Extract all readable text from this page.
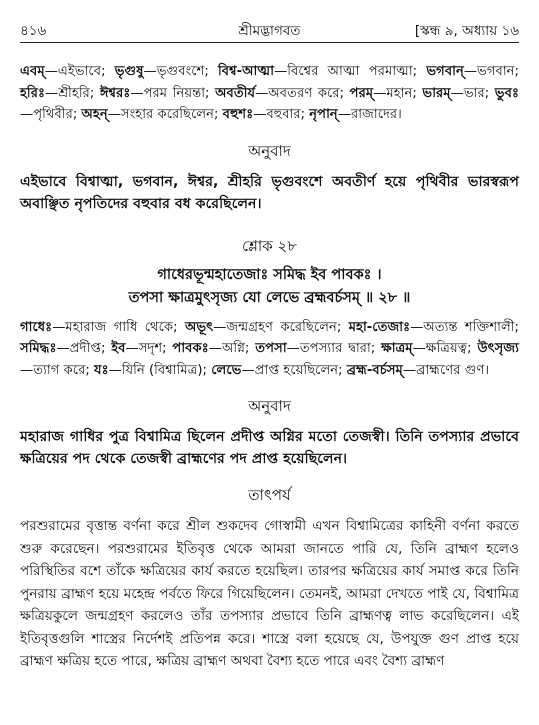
৪১৬	শ্রীমদ্ভাগবত	[স্কন্ধ ৯, অধ্যায় ১৬
এবম্—এইভাবে; ভৃগুষু—ভৃগুবংশে; বিশ্ব-আত্মা—বিশ্বের আত্মা পরমাত্মা; ভগবান্—ভগবান; হরিঃ—শ্রীহরি; ঈশ্বরঃ—পরম নিয়ন্তা; অবতীর্য—অবতরণ করে; পরম্—মহান; ভারম্—ভার; ভুবঃ—পৃথিবীর; অহন্—সংহার করেছিলেন; বহুশঃ—বহুবার; নৃপান্—রাজাদের।
অনুবাদ
এইভাবে বিশ্বাত্মা, ভগবান, ঈশ্বর, শ্রীহরি ভৃগুবংশে অবতীর্ণ হয়ে পৃথিবীর ভারস্বরূপ অবাঞ্ছিত নৃপতিদের বহুবার বধ করেছিলেন।
শ্লোক ২৮
গাধেরভূন্মহাতেজাঃ সমিদ্ধ ইব পাবকঃ ।
তপসা ক্ষাত্রমুৎসৃজ্য যো লেভে ব্রহ্মবর্চসম্ ॥ ২৮ ॥
গাধেঃ—মহারাজ গাধি থেকে; অভূৎ—জন্মগ্রহণ করেছিলেন; মহা-তেজাঃ—অত্যন্ত শক্তিশালী; সমিদ্ধঃ—প্রদীপ্ত; ইব—সদৃশ; পাবকঃ—অগ্নি; তপসা—তপস্যার দ্বারা; ক্ষাত্রম্—ক্ষত্রিয়ত্ব; উৎসৃজ্য—ত্যাগ করে; যঃ—যিনি (বিশ্বামিত্র); লেভে—প্রাপ্ত হয়েছিলেন; ব্রহ্ম-বর্চসম্—ব্রাহ্মণের গুণ।
অনুবাদ
মহারাজ গাধির পুত্র বিশ্বামিত্র ছিলেন প্রদীপ্ত অগ্নির মতো তেজস্বী। তিনি তপস্যার প্রভাবে ক্ষত্রিয়ের পদ থেকে তেজস্বী ব্রাহ্মণের পদ প্রাপ্ত হয়েছিলেন।
তাৎপর্য
পরশুরামের বৃত্তান্ত বর্ণনা করে শ্রীল শুকদেব গোস্বামী এখন বিশ্বামিত্রের কাহিনী বর্ণনা করতে শুরু করেছেন। পরশুরামের ইতিবৃত্ত থেকে আমরা জানতে পারি যে, তিনি ব্রাহ্মণ হলেও পরিস্থিতির বশে তাঁকে ক্ষত্রিয়ের কার্য করতে হয়েছিল। তারপর ক্ষত্রিয়ের কার্য সমাপ্ত করে তিনি পুনরায় ব্রাহ্মণ হয়ে মহেন্দ্র পর্বতে ফিরে গিয়েছিলেন। তেমনই, আমরা দেখতে পাই যে, বিশ্বামিত্র ক্ষত্রিয়কুলে জন্মগ্রহণ করলেও তাঁর তপস্যার প্রভাবে তিনি ব্রাহ্মণত্ব লাভ করেছিলেন। এই ইতিবৃত্তগুলি শাস্ত্রের নির্দেশই প্রতিপন্ন করে। শাস্ত্রে বলা হয়েছে যে, উপযুক্ত গুণ প্রাপ্ত হয়ে ব্রাহ্মণ ক্ষত্রিয় হতে পারে, ক্ষত্রিয় ব্রাহ্মণ অথবা বৈশ্য হতে পারে এবং বৈশ্য ব্রাহ্মণ
